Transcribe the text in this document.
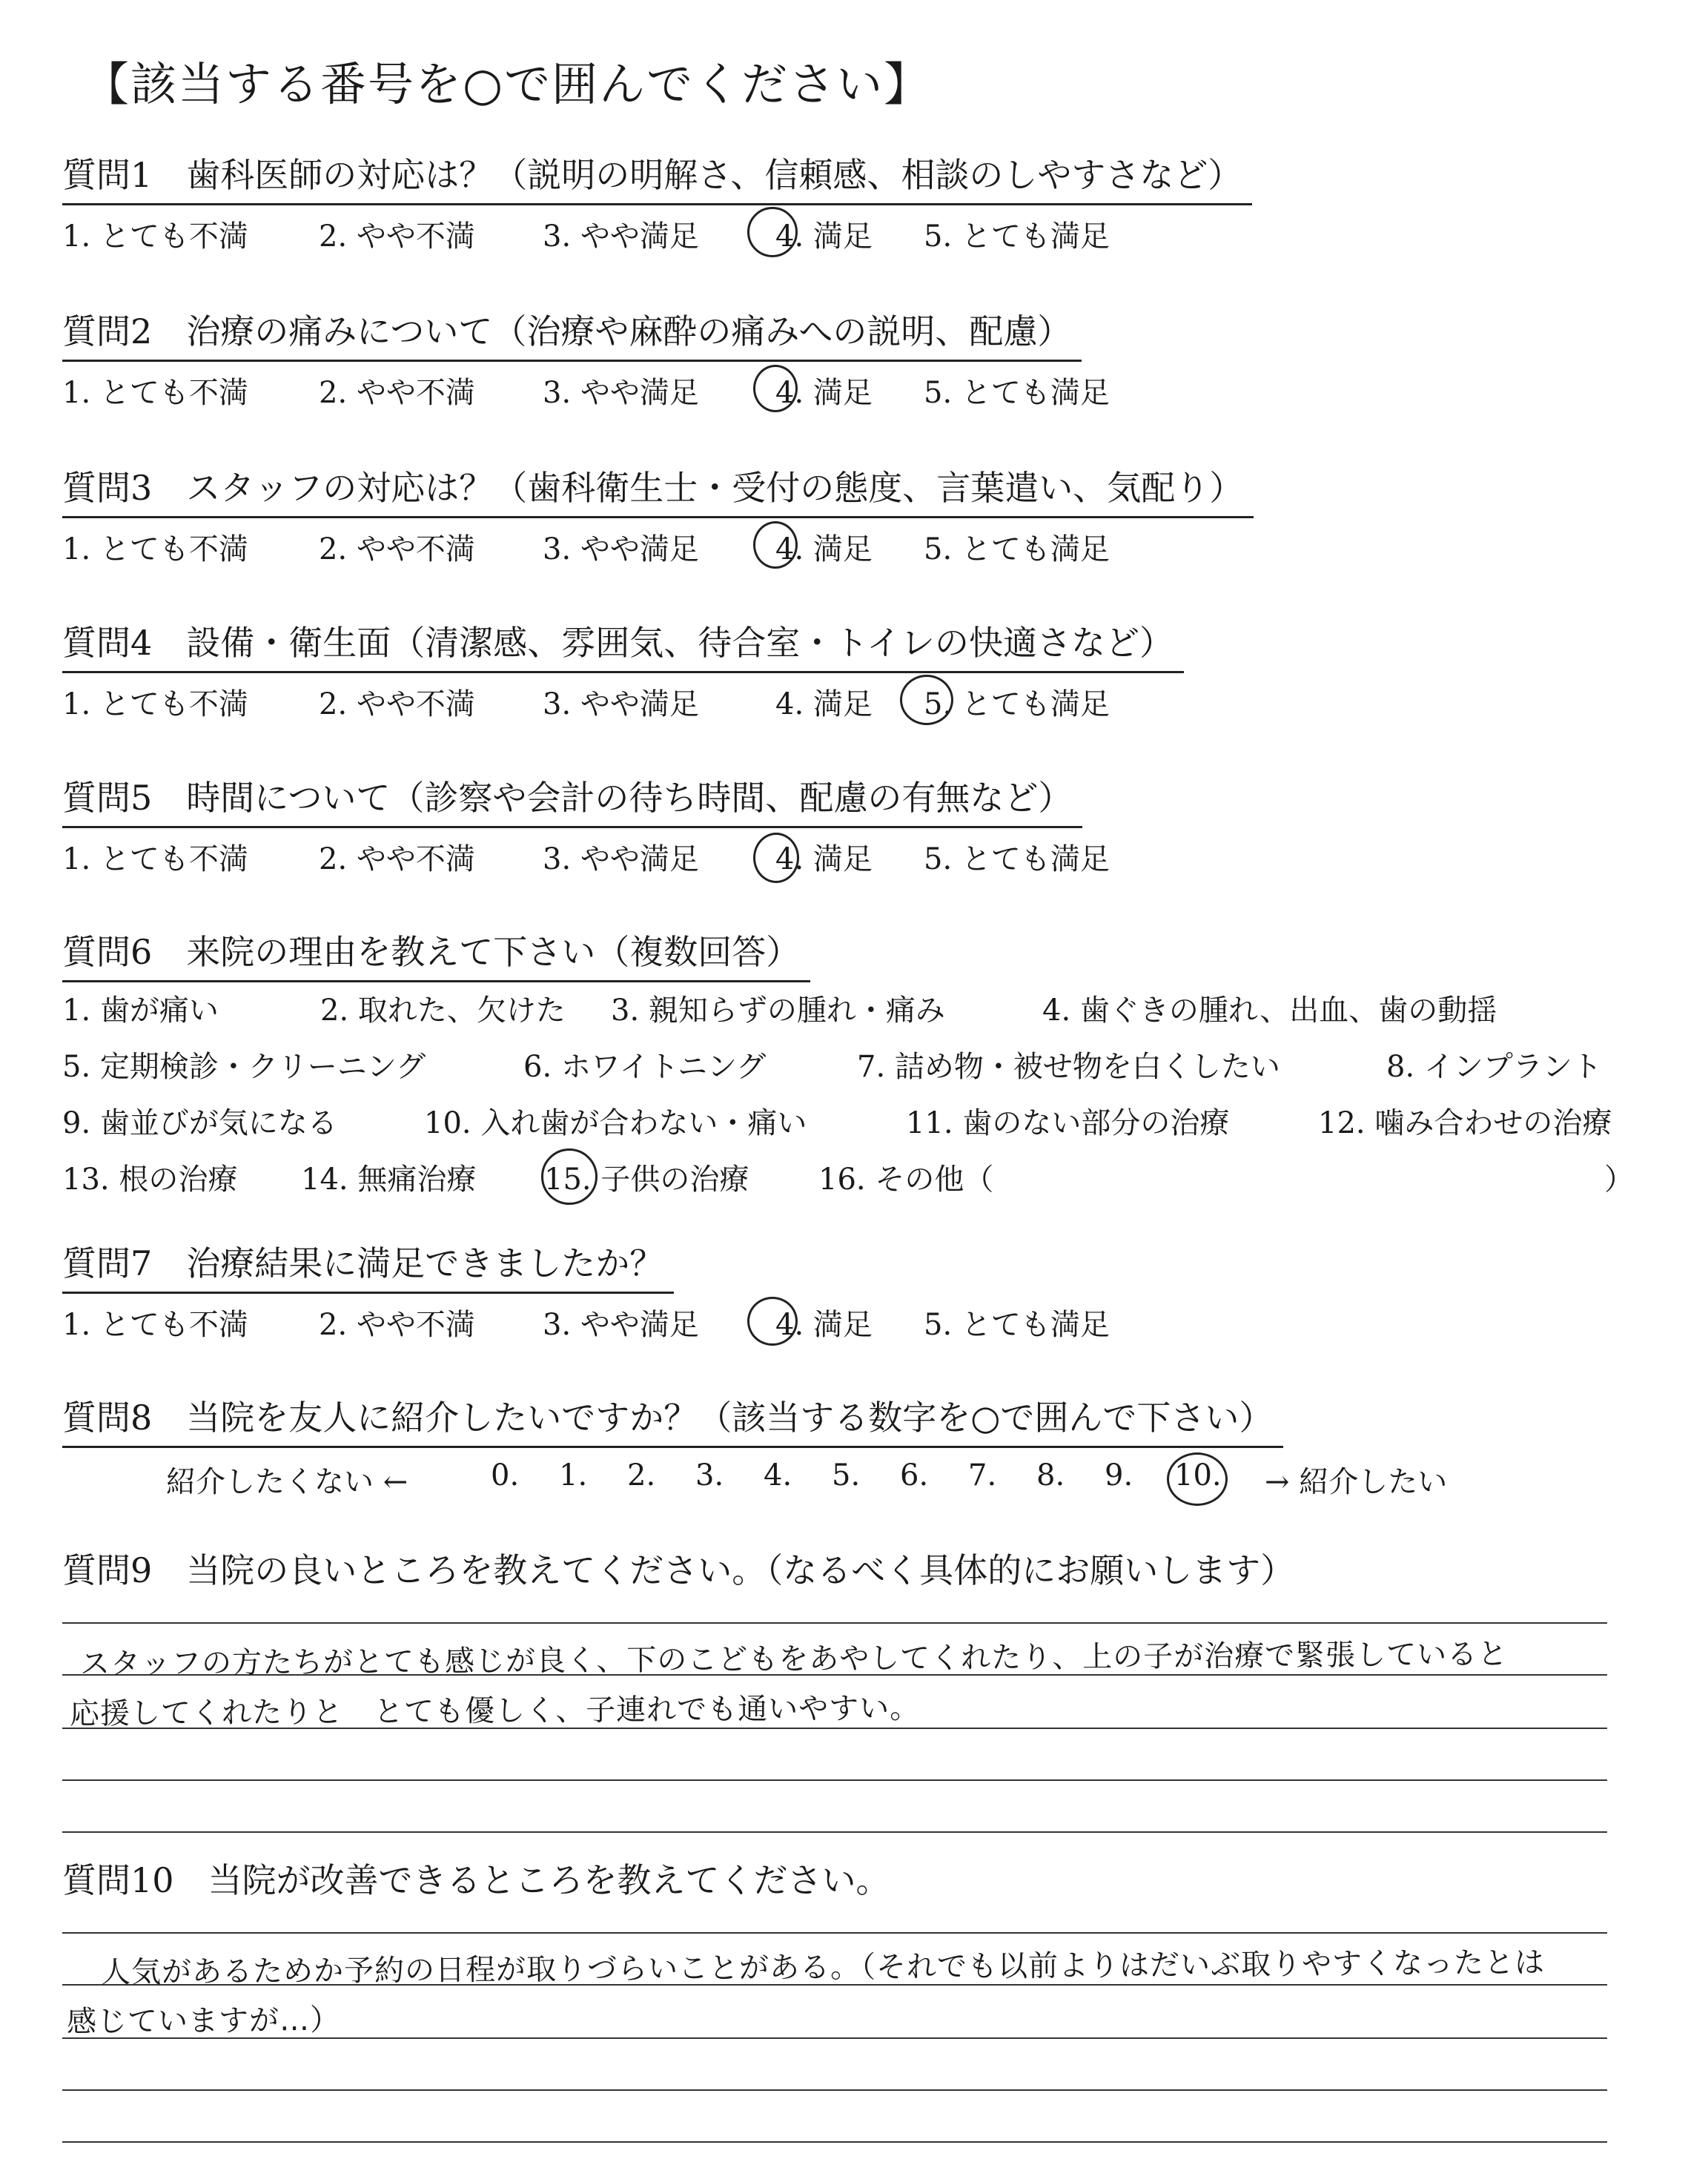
【該当する番号を○で囲んでください】
質問1　歯科医師の対応は？（説明の明解さ、信頼感、相談のしやすさなど）
1. とても不満 2. やや不満 3. やや満足	4. 満足 5. とても満足
質問2　治療の痛みについて（治療や麻酔の痛みへの説明、配慮）
1. とても不満 2. やや不満 3. やや満足	4. 満足 5. とても満足
質問3　スタッフの対応は？（歯科衛生士・受付の態度、言葉遣い、気配り）
1. とても不満 2. やや不満 3. やや満足	4. 満足 5. とても満足
質問4　設備・衛生面（清潔感、雰囲気、待合室・トイレの快適さなど）
1. とても不満 2. やや不満 3. やや満足	4. 満足 5. とても満足
質問5　時間について（診察や会計の待ち時間、配慮の有無など）
1. とても不満 2. やや不満 3. やや満足	4. 満足 5. とても満足
質問6　来院の理由を教えて下さい（複数回答）
1. 歯が痛い	2. 取れた、欠けた 3. 親知らずの腫れ・痛み	4. 歯ぐきの腫れ、出血、歯の動揺
5. 定期検診・クリーニング	6. ホワイトニング	7. 詰め物・被せ物を白くしたい	8. インプラント
9. 歯並びが気になる	10. 入れ歯が合わない・痛い	11. 歯のない部分の治療	12. 噛み合わせの治療
13. 根の治療 14. 無痛治療 15. 子供の治療 16. その他（	）
質問7　治療結果に満足できましたか？
1. とても不満 2. やや不満 3. やや満足	4. 満足 5. とても満足
質問8　当院を友人に紹介したいですか？（該当する数字を○で囲んで下さい）
紹介したくない ←	0. 1. 2. 3. 4. 5. 6. 7. 8. 9. 10. → 紹介したい
質問9　当院の良いところを教えてください。（なるべく具体的にお願いします）
スタッフの方たちがとても感じが良く、下のこどもをあやしてくれたり、上の子が治療で緊張していると
応援してくれたりと　とても優しく、子連れでも通いやすい。
質問10　当院が改善できるところを教えてください。
人気があるためか予約の日程が取りづらいことがある。（それでも以前よりはだいぶ取りやすくなったとは
感じていますが…）
